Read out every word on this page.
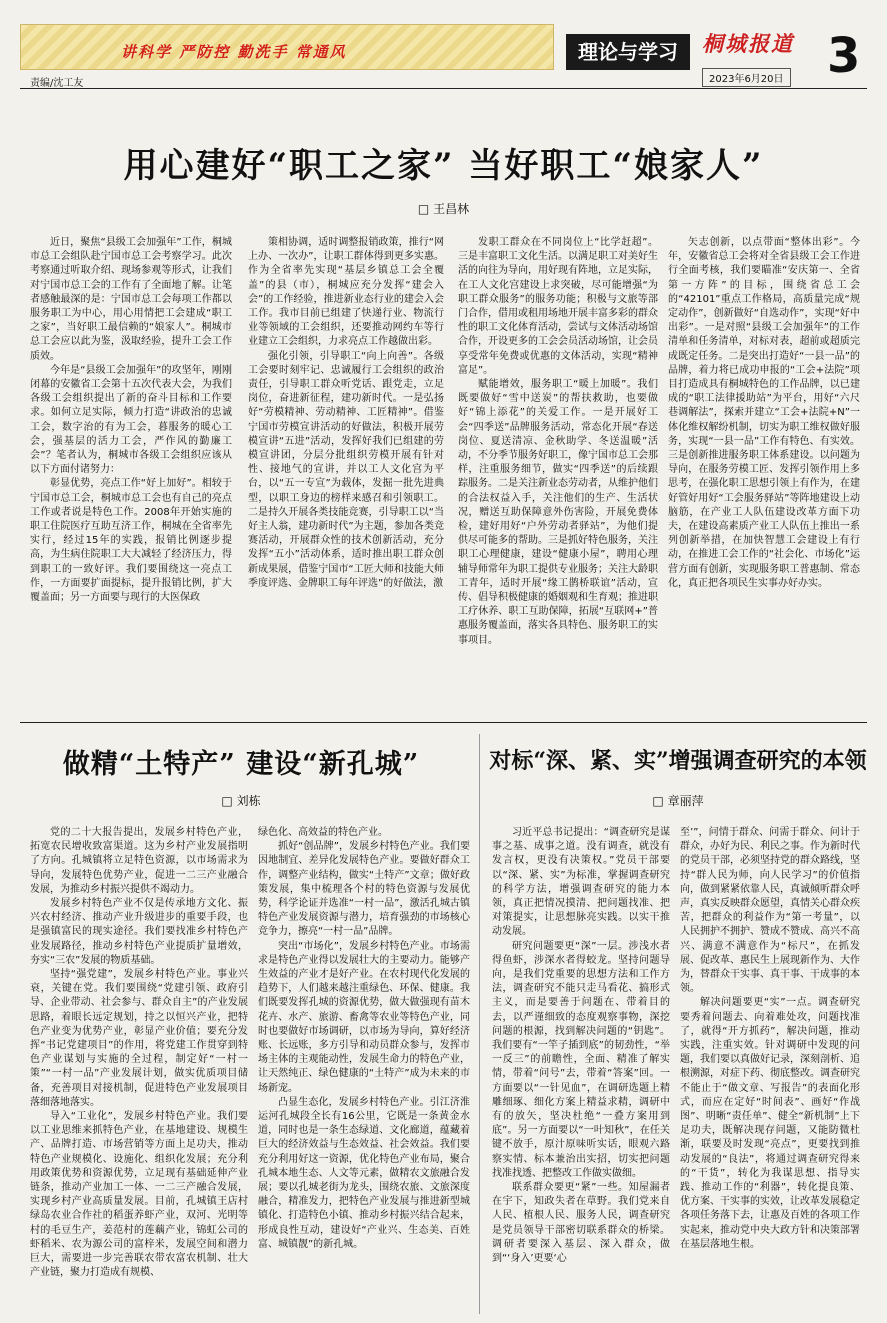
讲科学 严防控 勤洗手 常通风	理论与学习	桐城报道
2023年6月20日 3
责编/沈工友
用心建好“职工之家” 当好职工“娘家人”
□ 王昌林

近日，聚焦“县级工会加强年”工作，桐城市总工会组队赴宁国市总工会考察学习。此次考察通过听取介绍、现场参观等形式，让我们对宁国市总工会的工作有了全面地了解。让笔者感触最深的是：宁国市总工会每项工作都以服务职工为中心，用心用情把工会建成“职工之家”，当好职工最信赖的“娘家人”。桐城市总工会应以此为鉴，汲取经验，提升工会工作质效。

今年是“县级工会加强年”的攻坚年，刚刚闭幕的安徽省工会第十五次代表大会，为我们各级工会组织提出了新的奋斗目标和工作要求。如何立足实际，倾力打造“讲政治的忠诚工会，数字治的有为工会，暮服务的暖心工会，强基层的活力工会，严作风的勤廉工会”？笔者认为，桐城市各级工会组织应该从以下方面付诸努力：

彰显优势，亮点工作“好上加好”。相较于宁国市总工会，桐城市总工会也有自己的亮点工作或者说是特色工作。2008年开始实施的职工住院医疗互助互济工作，桐城在全省率先实行，经过15年的实践，报销比例逐步提高，为生病住院职工大大减轻了经济压力，得到职工的一致好评。我们要围绕这一亮点工作，一方面要扩面提标，提升报销比例，扩大覆盖面；另一方面要与现行的大医保政

策相协调，适时调整报销政策，推行“网上办、一次办”，让职工群体得到更多实惠。作为全省率先实现“基层乡镇总工会全覆盖”的县（市），桐城应充分发挥“建会入会”的工作经验，推进新业态行业的建会入会工作。我市目前已组建了快递行业、物流行业等领域的工会组织，还要推动网约车等行业建立工会组织，力求亮点工作越做出彩。

强化引领，引导职工“向上向善”。各级工会要时刻牢记、忠诚履行工会组织的政治责任，引导职工群众听党话、跟党走，立足岗位，奋进新征程，建功新时代。一是弘扬好“劳模精神、劳动精神、工匠精神”。借鉴宁国市劳模宣讲活动的好做法，积极开展劳模宣讲“五进”活动，发挥好我们已组建的劳模宣讲团，分层分批组织劳模开展有针对性、接地气的宣讲，并以工人文化宫为平台，以“五一专宣”为载体，发掘一批先进典型，以职工身边的榜样来感召和引领职工。二是持久开展各类技能竞赛，引导职工以“当好主人翁，建功新时代”为主题，参加各类竞赛活动，开展群众性的技术创新活动，充分发挥“五小”活动体系，适时推出职工群众创新成果展，借鉴宁国市“工匠大师和技能大师季度评选、金牌职工每年评选”的好做法，激

发职工群众在不同岗位上“比学赶超”。三是丰富职工文化生活。以满足职工对美好生活的向往为导向，用好现有阵地，立足实际，在工人文化宫建设上求突破，尽可能增强“为职工群众服务”的服务功能；积极与文旅等部门合作，借用或租用场地开展丰富多彩的群众性的职工文化体育活动，尝试与文体活动场馆合作，开设更多的工会会员活动场馆，让会员享受常年免费或优惠的文体活动，实现“精神富足”。

赋能增效，服务职工“暖上加暖”。我们既要做好“雪中送炭”的帮扶救助，也要做好“锦上添花”的关爱工作。一是开展好工会“四季送”品牌服务活动，常态化开展“春送岗位、夏送清凉、金秋助学、冬送温暖”活动，不分季节服务好职工，像宁国市总工会那样，注重服务细节，做实“四季送”的后续跟踪服务。二是关注新业态劳动者，从维护他们的合法权益入手，关注他们的生产、生活状况，赠送互助保障意外伤害险，开展免费体检，建好用好“户外劳动者驿站”，为他们提供尽可能多的帮助。三是抓好特色服务，关注职工心理健康，建设“健康小屋”，聘用心理辅导师常年为职工提供专业服务；关注大龄职工青年，适时开展“缘工鹊桥联谊”活动，宣传、倡导积极健康的婚姻观和生育观；推进职工疗休养、职工互助保障，拓展“互联网+”普惠服务覆盖面，落实各具特色、服务职工的实事项目。

矢志创新，以点带面“整体出彩”。今年，安徽省总工会将对全省县级工会工作进行全面考核，我们要瞄准“安庆第一、全省第一方阵”的目标，围绕省总工会的“42101”重点工作格局，高质量完成“规定动作”，创新做好“自选动作”，实现“好中出彩”。一是对照“县级工会加强年”的工作清单和任务清单，对标对表，超前或超质完成既定任务。二是突出打造好“一县一品”的品牌，着力将已成功申报的“工会+法院”项目打造成具有桐城特色的工作品牌，以已建成的“职工法律援助站”为平台，用好“六尺巷调解法”，探索并建立“工会+法院+N”一体化维权解纷机制，切实为职工维权做好服务，实现“一县一品”工作有特色、有实效。三是创新推进服务职工体系建设。以问题为导向，在服务劳模工匠、发挥引领作用上多思考，在强化职工思想引领上有作为，在建好管好用好“工会服务驿站”等阵地建设上动脑筋，在产业工人队伍建设改革方面下功夫，在建设高素质产业工人队伍上推出一系列创新举措，在加快智慧工会建设上有行动，在推进工会工作的“社会化、市场化”运营方面有创新，实现服务职工普惠制、常态化，真正把各项民生实事办好办实。

做精“土特产” 建设“新孔城”
□ 刘栋

党的二十大报告提出，发展乡村特色产业，拓宽农民增收致富渠道。这为乡村产业发展指明了方向。孔城镇将立足特色资源，以市场需求为导向，发展特色优势产业，促进一二三产业融合发展，为推动乡村振兴提供不竭动力。

发展乡村特色产业不仅是传承地方文化、振兴农村经济、推动产业升级进步的重要手段，也是强镇富民的现实途径。我们要找准乡村特色产业发展路径，推动乡村特色产业提质扩量增效，夯实“三农”发展的物质基础。

坚持“强党建”，发展乡村特色产业。事业兴衰，关键在党。我们要围绕“党建引领、政府引导、企业带动、社会参与、群众自主”的产业发展思路，着眼长远定规划，持之以恒兴产业，把特色产业变为优势产业，彰显产业价值；要充分发挥“书记党建项目”的作用，将党建工作贯穿到特色产业谋划与实施的全过程，制定好“一村一策”“一村一品”产业发展计划，做实优质项目储备，充善项目对接机制，促进特色产业发展项目落细落地落实。

导入“工业化”，发展乡村特色产业。我们要以工业思维来抓特色产业，在基地建设、规模生产、品牌打造、市场营销等方面上足功夫，推动特色产业规模化、设施化、组织化发展；充分利用政策优势和资源优势，立足现有基础延伸产业链条，推动产业加工一体、一二三产融合发展，实现乡村产业高质量发展。目前，孔城镇王店村绿岛农业合作社的稻蛋养虾产业，双河、光明等村的毛豆生产，姜范村的莲藕产业，锦虹公司的虾稻米、农为源公司的富梓米，发展空间和潜力巨大，需要进一步完善联农带农富农机制、壮大产业链，聚力打造成有规模、

绿色化、高效益的特色产业。

抓好“创品牌”，发展乡村特色产业。我们要因地制宜、差异化发展特色产业。要做好群众工作，调整产业结构，做实“土特产”文章；做好政策发展，集中梳理各个村的特色资源与发展优势，科学论证并选准“一村一品”，激活孔城古镇特色产业发展资源与潜力，培育强劲的市场核心竞争力，擦亮“一村一品”品牌。

突出“市场化”，发展乡村特色产业。市场需求是特色产业得以发展壮大的主要动力。能够产生效益的产业才是好产业。在农村现代化发展的趋势下，人们越来越注重绿色、环保、健康。我们既要发挥孔城的资源优势，做大做强现有苗木花卉、水产、旅游、畜禽等农业等特色产业，同时也要做好市场调研，以市场为导向，算好经济账、长远账，多方引导和动员群众参与，发挥市场主体的主观能动性，发展生命力的特色产业，让天然纯正、绿色健康的“土特产”成为未来的市场新宠。

凸显生态化，发展乡村特色产业。引江济淮运河孔城段全长有16公里，它既是一条黄金水道，同时也是一条生态绿道、文化廊道，蕴藏着巨大的经济效益与生态效益、社会效益。我们要充分利用好这一资源，优化特色产业布局，聚合孔城本地生态、人文等元素，做精农文旅融合发展；要以孔城老街为龙头，围绕农旅、文旅深度融合，精准发力，把特色产业发展与推进新型城镇化、打造特色小镇、推动乡村振兴结合起来，形成良性互动，建设好“产业兴、生态美、百姓富、城镇靓”的新孔城。

对标“深、紧、实”增强调查研究的本领
□ 章丽萍

习近平总书记提出：“调查研究是谋事之基、成事之道。没有调查，就没有发言权，更没有决策权。”党员干部要以“深、紧、实”为标准，掌握调查研究的科学方法，增强调查研究的能力本领，真正把情况摸清、把问题找准、把对策提实，让思想脉亮实践。以实干推动发展。

研究问题要更“深”一层。涉浅水者得鱼虾，涉深水者得蛟龙。坚持问题导向，是我们党重要的思想方法和工作方法，调查研究不能只走马看花、搞形式主义，而是要善于问题在、带着目的去，以严谨细致的态度观察事物，深挖问题的根源，找到解决问题的“钥匙”。我们要有“一竿子插到底”的韧劲性，“举一反三”的前瞻性，全面、精准了解实情，带着“问号”去，带着“答案”回。一方面要以“一针见血”，在调研选题上精雕细琢、细化方案上精益求精，调研中有的放矢，坚决杜绝“一叠方案用到底”。另一方面要以“一叶知秋”，在任关键不放手，原汁原味听实话，眼观六路察实情、标本兼治出实招，切实把问题找准找透、把整改工作做实做细。

联系群众要更“紧”一些。知屋漏者在宇下，知政失者在草野。我们党来自人民、植根人民、服务人民，调查研究是党员领导干部密切联系群众的桥梁。调研者要深入基层、深入群众，做到“‘身入’更要‘心

至’”，问情于群众、问需于群众、问计于群众，办好为民、利民之事。作为新时代的党员干部，必须坚持党的群众路线，坚持“群人民为师，向人民学习”的价值指向，做到紧紧依靠人民，真诚倾听群众呼声，真实反映群众愿望，真情关心群众疾苦，把群众的利益作为“第一考量”，以人民拥护不拥护、赞成不赞成、高兴不高兴、满意不满意作为“标尺”，在抓发展、促改革、惠民生上展现新作为、大作为，替群众干实事、真干事、干成事的本领。

解决问题要更“实”一点。调查研究要秀着问题去、向着难处攻，问题找准了，就得“开方抓药”，解决问题，推动实践，注重实效。针对调研中发现的问题，我们要以真做好记录，深刻剖析、追根溯源，对症下药、彻底整改。调查研究不能止于“做文章、写报告”的表面化形式，而应在定好“时间表”、画好“作战图”、明晰“责任单”、健全“新机制”上下足功夫，既解决现存问题，又能防微杜渐，联要及时发现“亮点”，更要找到推动发展的“良法”，将通过调查研究得来的“干货”，转化为我谋思想、指导实践、推动工作的“利器”，转化提良策、优方案、干实事的实效，让改革发展稳定各项任务落下去，让惠及百姓的各项工作实起来，推动党中央大政方针和决策部署在基层落地生根。
